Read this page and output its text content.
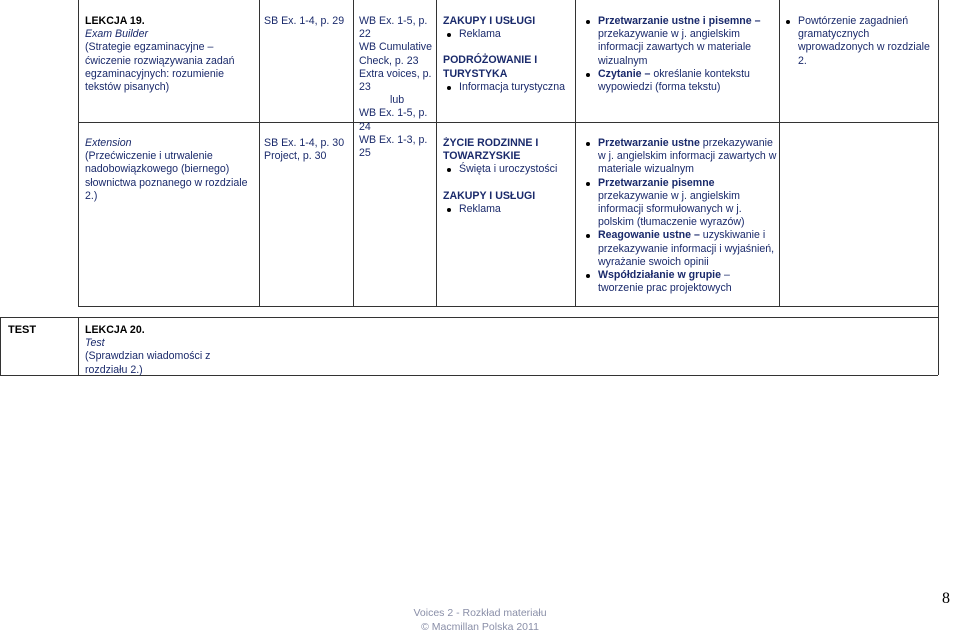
LEKCJA 19.
Exam Builder
(Strategie egzaminacyjne – ćwiczenie rozwiązywania zadań egzaminacyjnych: rozumienie tekstów pisanych)
SB Ex. 1-4, p. 29	WB Ex. 1-5, p. 22
WB Cumulative Check, p. 23
Extra voices, p.
23
lub
WB Ex. 1-5, p. 24
WB Ex. 1-3, p. 25
ZAKUPY I USŁUGI
Reklama
PODRÓŻOWANIE I TURYSTYKA
Informacja turystyczna
Przetwarzanie ustne i pisemne – przekazywanie w j. angielskim informacji zawartych w materiale wizualnym
Czytanie – określanie kontekstu wypowiedzi (forma tekstu)
Powtórzenie zagadnień gramatycznych wprowadzonych w rozdziale 2.
Extension
(Przećwiczenie i utrwalenie nadobowiązkowego (biernego) słownictwa poznanego w rozdziale 2.)
SB Ex. 1-4, p. 30
Project, p. 30
ŻYCIE RODZINNE I TOWARZYSKIE
Święta i uroczystości
ZAKUPY I USŁUGI
Reklama
Przetwarzanie ustne przekazywanie w j. angielskim informacji zawartych w materiale wizualnym
Przetwarzanie pisemne przekazywanie w j. angielskim informacji sformułowanych w j. polskim (tłumaczenie wyrazów)
Reagowanie ustne – uzyskiwanie i przekazywanie informacji i wyjaśnień, wyrażanie swoich opinii
Współdziałanie w grupie – tworzenie prac projektowych
TEST	LEKCJA 20.
Test
(Sprawdzian wiadomości z rozdziału 2.)
Voices 2 - Rozkład materiału
© Macmillan Polska 2011
8
